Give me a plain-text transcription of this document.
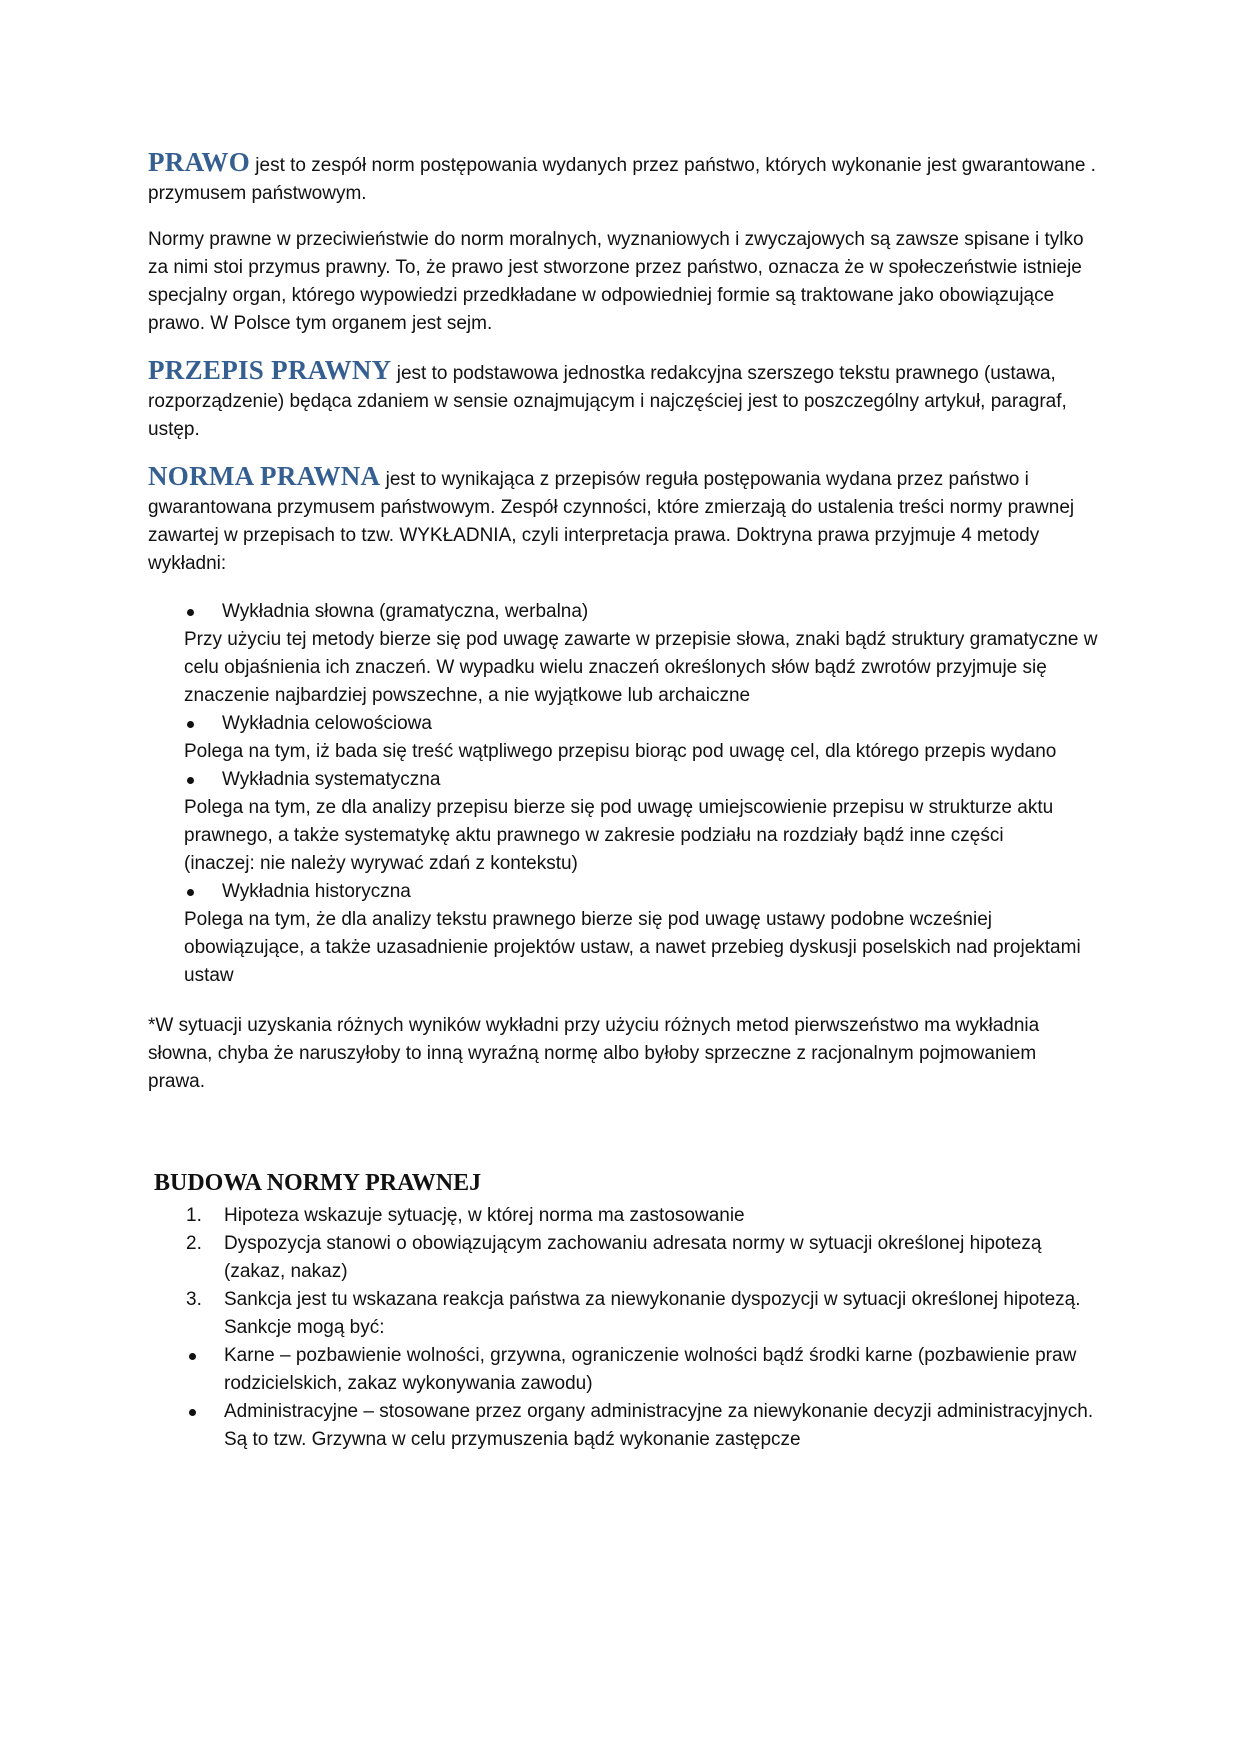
PRAWO jest to zespół norm postępowania wydanych przez państwo, których wykonanie jest gwarantowane . przymusem państwowym.

Normy prawne w przeciwieństwie do norm moralnych, wyznaniowych i zwyczajowych są zawsze spisane i tylko za nimi stoi przymus prawny. To, że prawo jest stworzone przez państwo, oznacza że w społeczeństwie istnieje specjalny organ, którego wypowiedzi przedkładane w odpowiedniej formie są traktowane jako obowiązujące prawo. W Polsce tym organem jest sejm.

PRZEPIS PRAWNY jest to podstawowa jednostka redakcyjna szerszego tekstu prawnego (ustawa, rozporządzenie) będąca zdaniem w sensie oznajmującym i najczęściej jest to poszczególny artykuł, paragraf, ustęp.

NORMA PRAWNA jest to wynikająca z przepisów reguła postępowania wydana przez państwo i gwarantowana przymusem państwowym. Zespół czynności, które zmierzają do ustalenia treści normy prawnej zawartej w przepisach to tzw. WYKŁADNIA, czyli interpretacja prawa. Doktryna prawa przyjmuje 4 metody wykładni:

Wykładnia słowna (gramatyczna, werbalna)
Przy użyciu tej metody bierze się pod uwagę zawarte w przepisie słowa, znaki bądź struktury gramatyczne w celu objaśnienia ich znaczeń. W wypadku wielu znaczeń określonych słów bądź zwrotów przyjmuje się znaczenie najbardziej powszechne, a nie wyjątkowe lub archaiczne
Wykładnia celowościowa
Polega na tym, iż bada się treść wątpliwego przepisu biorąc pod uwagę cel, dla którego przepis wydano
Wykładnia systematyczna
Polega na tym, ze dla analizy przepisu bierze się pod uwagę umiejscowienie przepisu w strukturze aktu prawnego, a także systematykę aktu prawnego w zakresie podziału na rozdziały bądź inne części
(inaczej: nie należy wyrywać zdań z kontekstu)
Wykładnia historyczna
Polega na tym, że dla analizy tekstu prawnego bierze się pod uwagę ustawy podobne wcześniej obowiązujące, a także uzasadnienie projektów ustaw, a nawet przebieg dyskusji poselskich nad projektami ustaw

*W sytuacji uzyskania różnych wyników wykładni przy użyciu różnych metod pierwszeństwo ma wykładnia słowna, chyba że naruszyłoby to inną wyraźną normę albo byłoby sprzeczne z racjonalnym pojmowaniem prawa.

BUDOWA NORMY PRAWNEJ
1. Hipoteza wskazuje sytuację, w której norma ma zastosowanie
2. Dyspozycja stanowi o obowiązującym zachowaniu adresata normy w sytuacji określonej hipotezą (zakaz, nakaz)
3. Sankcja jest tu wskazana reakcja państwa za niewykonanie dyspozycji w sytuacji określonej hipotezą. Sankcje mogą być:
Karne – pozbawienie wolności, grzywna, ograniczenie wolności bądź środki karne (pozbawienie praw rodzicielskich, zakaz wykonywania zawodu)
Administracyjne – stosowane przez organy administracyjne za niewykonanie decyzji administracyjnych. Są to tzw. Grzywna w celu przymuszenia bądź wykonanie zastępcze
